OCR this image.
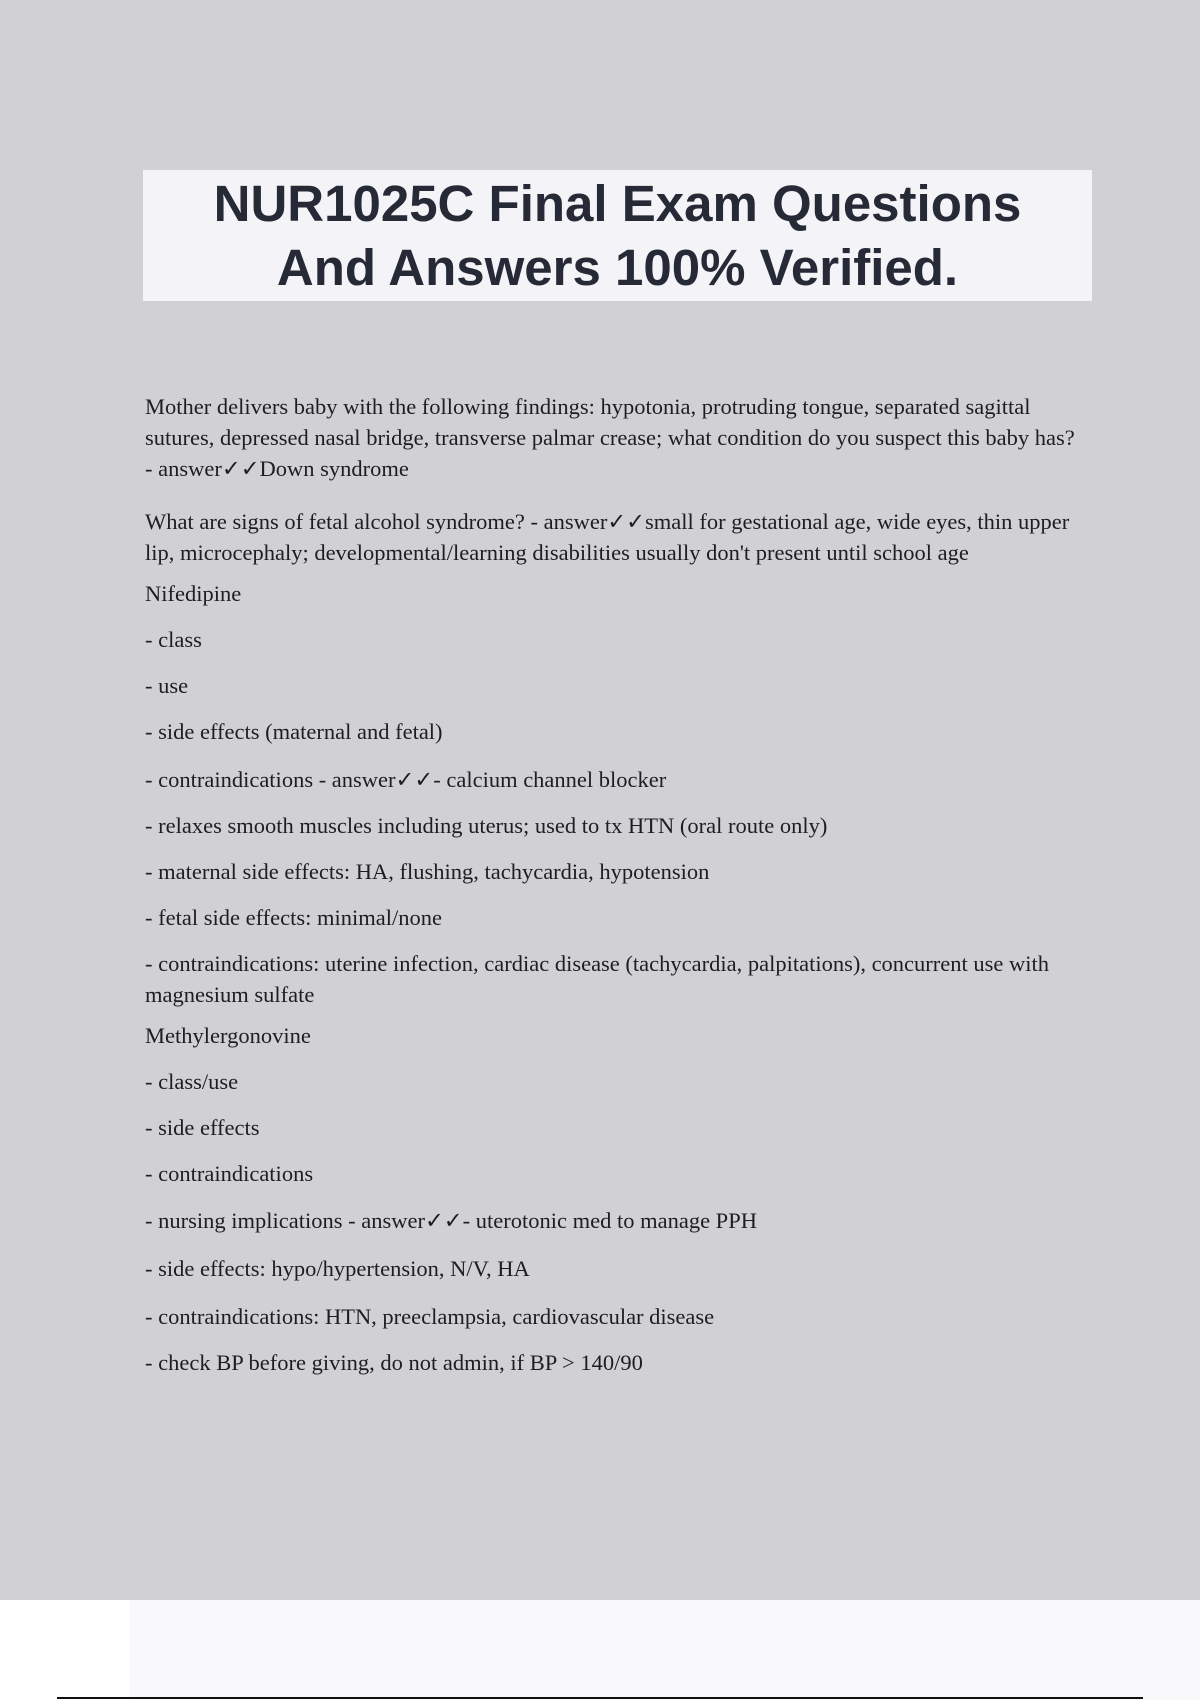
NUR1025C Final Exam Questions
And Answers 100% Verified.

Mother delivers baby with the following findings: hypotonia, protruding tongue, separated sagittal sutures, depressed nasal bridge, transverse palmar crease; what condition do you suspect this baby has? - answer✓✓Down syndrome

What are signs of fetal alcohol syndrome? - answer✓✓small for gestational age, wide eyes, thin upper lip, microcephaly; developmental/learning disabilities usually don't present until school age

Nifedipine

- class

- use

- side effects (maternal and fetal)

- contraindications - answer✓✓- calcium channel blocker

- relaxes smooth muscles including uterus; used to tx HTN (oral route only)

- maternal side effects: HA, flushing, tachycardia, hypotension

- fetal side effects: minimal/none

- contraindications: uterine infection, cardiac disease (tachycardia, palpitations), concurrent use with magnesium sulfate

Methylergonovine

- class/use

- side effects

- contraindications

- nursing implications - answer✓✓- uterotonic med to manage PPH

- side effects: hypo/hypertension, N/V, HA

- contraindications: HTN, preeclampsia, cardiovascular disease

- check BP before giving, do not admin, if BP > 140/90
